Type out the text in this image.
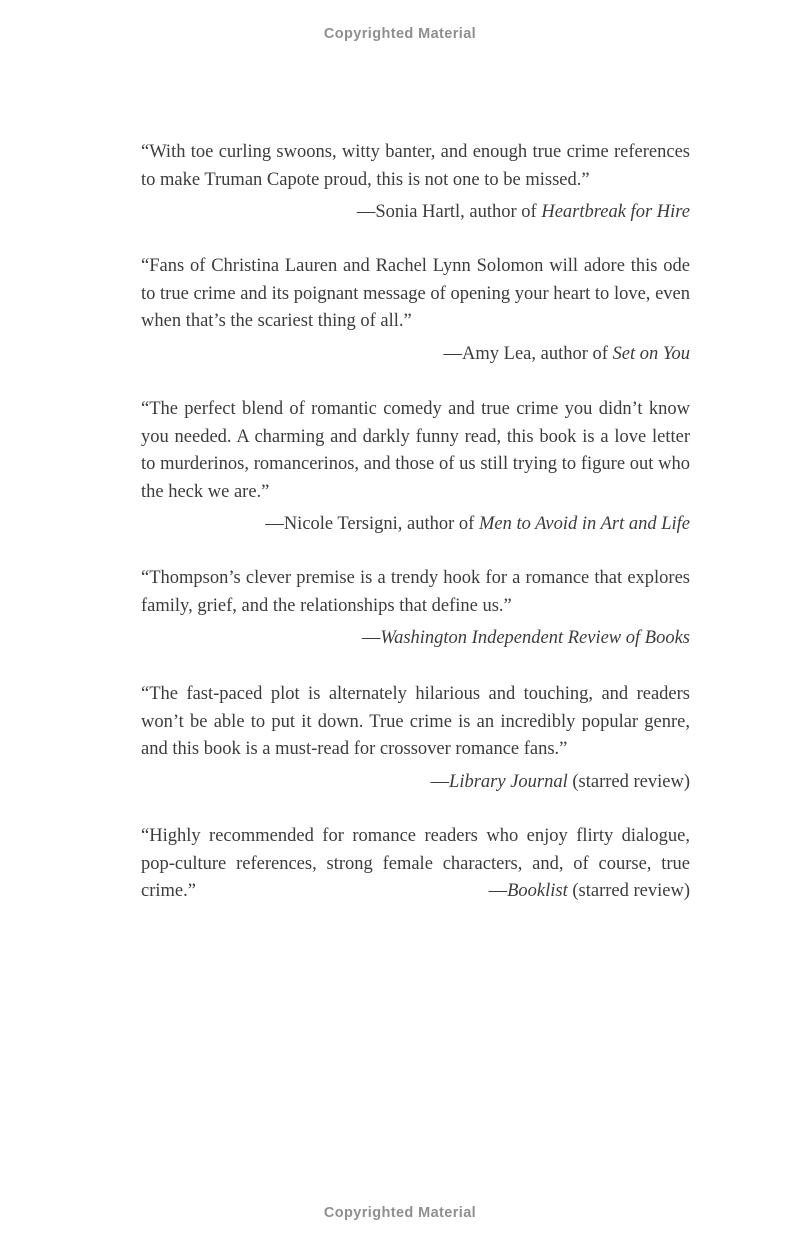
Copyrighted Material

“With toe curling swoons, witty banter, and enough true crime references to make Truman Capote proud, this is not one to be missed.”

—Sonia Hartl, author of Heartbreak for Hire

“Fans of Christina Lauren and Rachel Lynn Solomon will adore this ode to true crime and its poignant message of opening your heart to love, even when that’s the scariest thing of all.”

—Amy Lea, author of Set on You

“The perfect blend of romantic comedy and true crime you didn’t know you needed. A charming and darkly funny read, this book is a love letter to murderinos, romancerinos, and those of us still trying to figure out who the heck we are.”

—Nicole Tersigni, author of Men to Avoid in Art and Life

“Thompson’s clever premise is a trendy hook for a romance that explores family, grief, and the relationships that define us.”

—Washington Independent Review of Books

“The fast-paced plot is alternately hilarious and touching, and readers won’t be able to put it down. True crime is an incredibly popular genre, and this book is a must-read for crossover romance fans.”

—Library Journal (starred review)

“Highly recommended for romance readers who enjoy flirty dialogue, pop-culture references, strong female characters, and, of course, true crime.”	—Booklist (starred review)

Copyrighted Material
